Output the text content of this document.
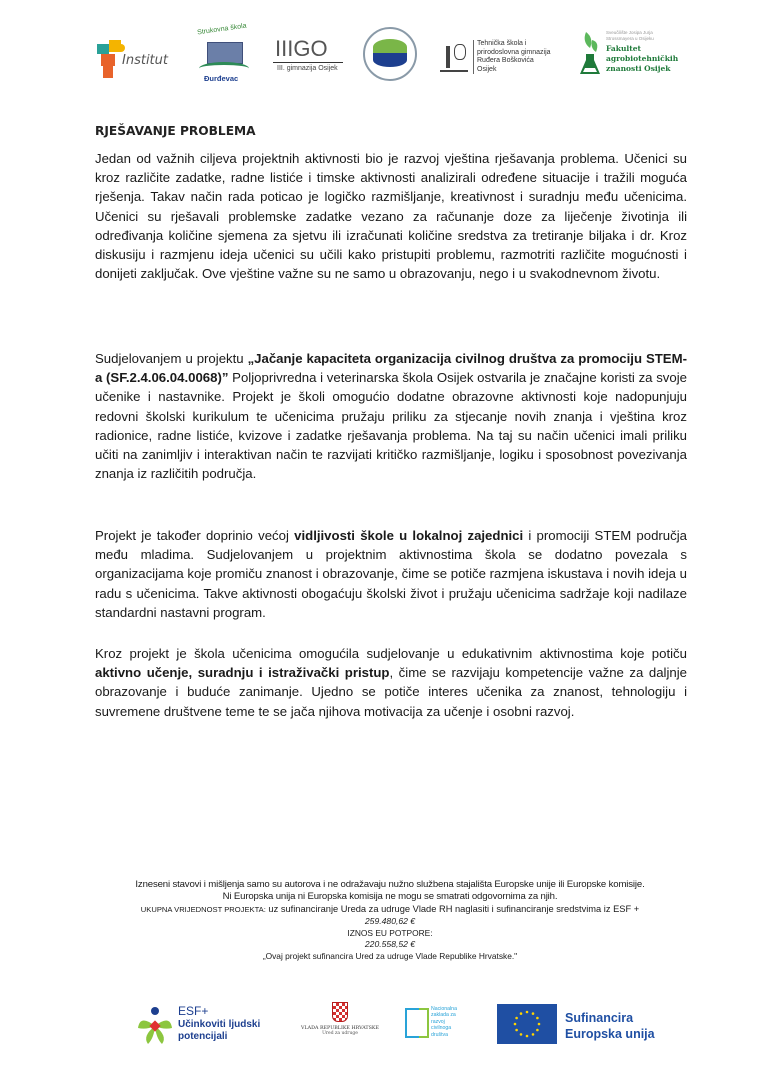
Institut
Strukovna škola
Đurđevac
IIIGO
III. gimnazija Osijek
Tehnička škola i
prirodoslovna gimnazija
Ruđera Boškovića
Osijek
Sveučilište Josipa Jurja
Strossmayera u Osijeku
Fakultet
agrobiotehničkih
znanosti Osijek
RJEŠAVANJE PROBLEMA

Jedan od važnih ciljeva projektnih aktivnosti bio je razvoj vještina rješavanja problema. Učenici su kroz različite zadatke, radne listiće i timske aktivnosti analizirali određene situacije i tražili moguća rješenja. Takav način rada poticao je logičko razmišljanje, kreativnost i suradnju među učenicima. Učenici su rješavali problemske zadatke vezano za računanje doze za liječenje životinja ili određivanja količine sjemena za sjetvu ili izračunati količine sredstva za tretiranje biljaka i dr. Kroz diskusiju i razmjenu ideja učenici su učili kako pristupiti problemu, razmotriti različite mogućnosti i donijeti zaključak. Ove vještine važne su ne samo u obrazovanju, nego i u svakodnevnom životu.

Sudjelovanjem u projektu „Jačanje kapaciteta organizacija civilnog društva za promociju STEM-a (SF.2.4.06.04.0068)” Poljoprivredna i veterinarska škola Osijek ostvarila je značajne koristi za svoje učenike i nastavnike. Projekt je školi omogućio dodatne obrazovne aktivnosti koje nadopunjuju redovni školski kurikulum te učenicima pružaju priliku za stjecanje novih znanja i vještina kroz radionice, radne listiće, kvizove i zadatke rješavanja problema. Na taj su način učenici imali priliku učiti na zanimljiv i interaktivan način te razvijati kritičko razmišljanje, logiku i sposobnost povezivanja znanja iz različitih područja.

Projekt je također doprinio većoj vidljivosti škole u lokalnoj zajednici i promociji STEM područja među mladima. Sudjelovanjem u projektnim aktivnostima škola se dodatno povezala s organizacijama koje promiču znanost i obrazovanje, čime se potiče razmjena iskustava i novih ideja u radu s učenicima. Takve aktivnosti obogaćuju školski život i pružaju učenicima sadržaje koji nadilaze standardni nastavni program.

Kroz projekt je škola učenicima omogućila sudjelovanje u edukativnim aktivnostima koje potiču aktivno učenje, suradnju i istraživački pristup, čime se razvijaju kompetencije važne za daljnje obrazovanje i buduće zanimanje. Ujedno se potiče interes učenika za znanost, tehnologiju i suvremene društvene teme te se jača njihova motivacija za učenje i osobni razvoj.

Izneseni stavovi i mišljenja samo su autorova i ne odražavaju nužno službena stajališta Europske unije ili Europske komisije.
Ni Europska unija ni Europska komisija ne mogu se smatrati odgovornima za njih.
UKUPNA VRIJEDNOST PROJEKTA: uz sufinanciranje Ureda za udruge Vlade RH naglasiti i sufinanciranje sredstvima iz ESF +
259.480,62 €
IZNOS EU POTPORE:
220.558,52 €
„Ovaj projekt sufinancira Ured za udruge Vlade Republike Hrvatske."
ESF+
Učinkoviti ljudski
potencijali
VLADA REPUBLIKE HRVATSKE
Ured za udruge
Nacionalna
zaklada za
razvoj
civilnoga
društva
Sufinancira
Europska unija
